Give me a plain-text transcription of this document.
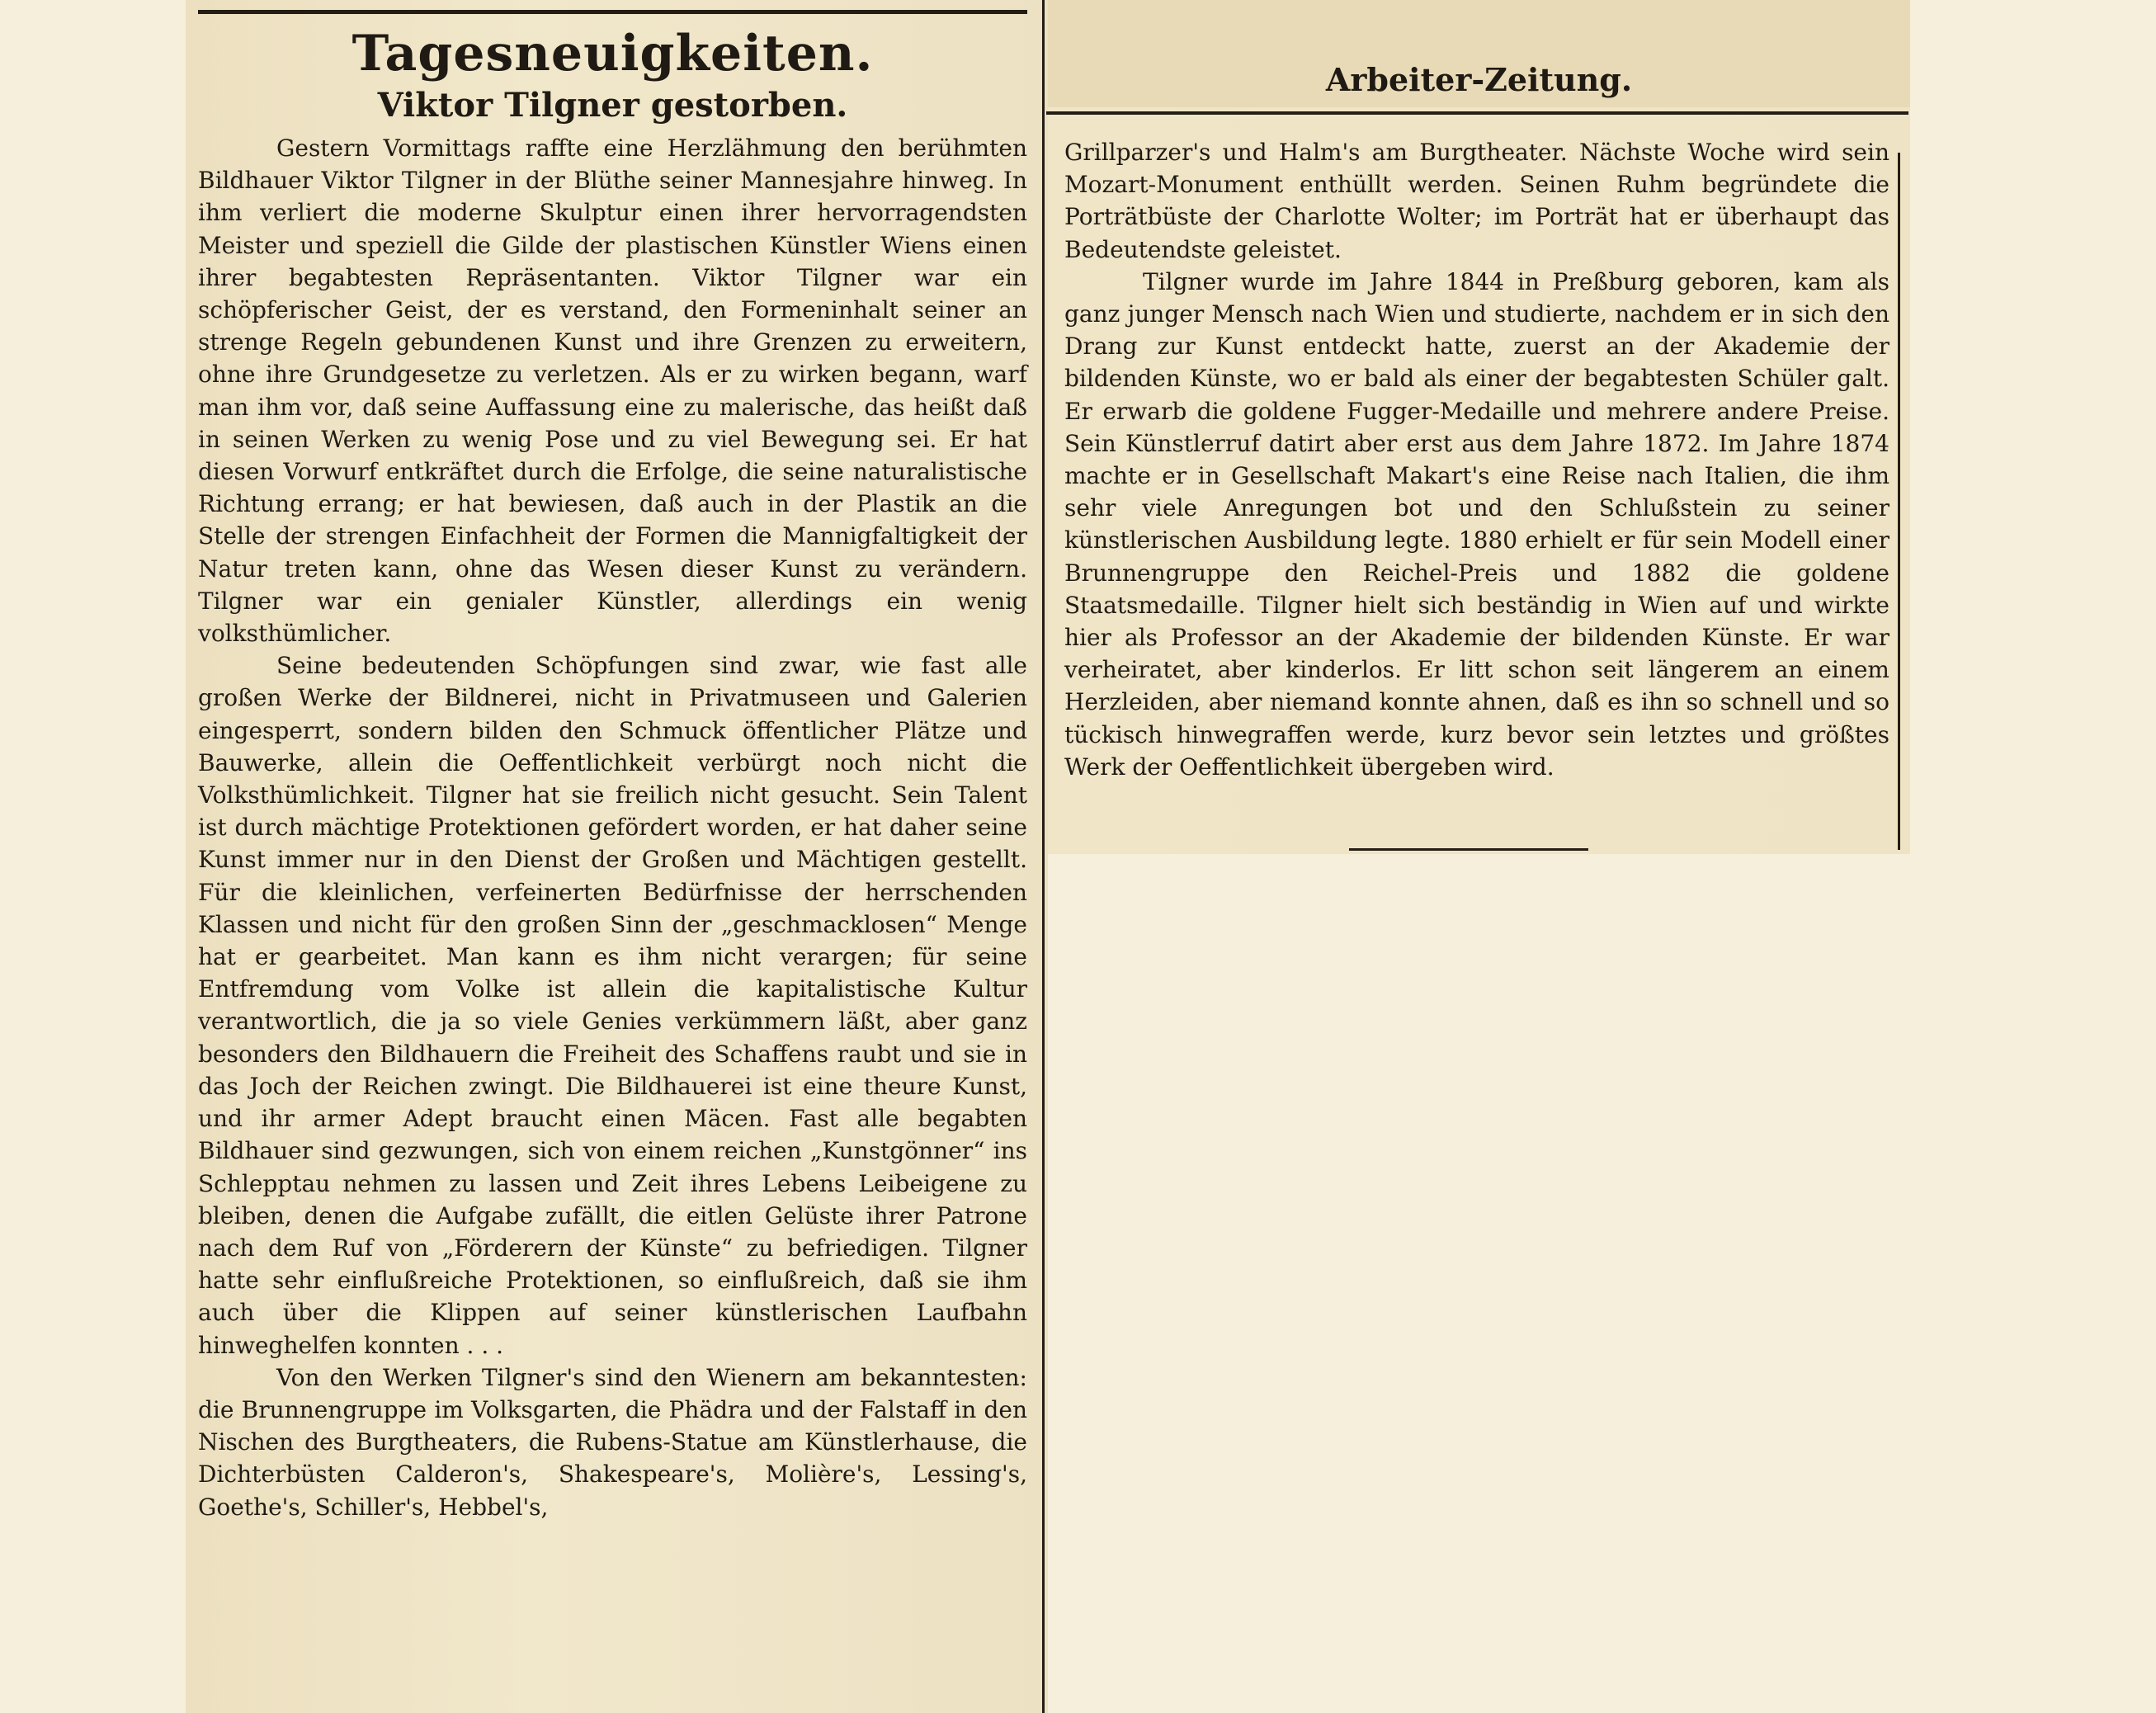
Tagesneuigkeiten.
Viktor Tilgner gestorben.
Arbeiter-Zeitung.

Gestern Vormittags raffte eine Herzlähmung den berühmten Bildhauer Viktor Tilgner in der Blüthe seiner Mannesjahre hinweg. In ihm verliert die moderne Skulptur einen ihrer hervorragendsten Meister und speziell die Gilde der plastischen Künstler Wiens einen ihrer begabtesten Repräsentanten. Viktor Tilgner war ein schöpferischer Geist, der es verstand, den Formeninhalt seiner an strenge Regeln gebundenen Kunst und ihre Grenzen zu erweitern, ohne ihre Grundgesetze zu verletzen. Als er zu wirken begann, warf man ihm vor, daß seine Auffassung eine zu malerische, das heißt daß in seinen Werken zu wenig Pose und zu viel Bewegung sei. Er hat diesen Vorwurf entkräftet durch die Erfolge, die seine naturalistische Richtung errang; er hat bewiesen, daß auch in der Plastik an die Stelle der strengen Einfachheit der Formen die Mannigfaltigkeit der Natur treten kann, ohne das Wesen dieser Kunst zu verändern. Tilgner war ein genialer Künstler, allerdings ein wenig volksthümlicher.

Seine bedeutenden Schöpfungen sind zwar, wie fast alle großen Werke der Bildnerei, nicht in Privatmuseen und Galerien eingesperrt, sondern bilden den Schmuck öffentlicher Plätze und Bauwerke, allein die Oeffentlichkeit verbürgt noch nicht die Volksthümlichkeit. Tilgner hat sie freilich nicht gesucht. Sein Talent ist durch mächtige Protektionen gefördert worden, er hat daher seine Kunst immer nur in den Dienst der Großen und Mächtigen gestellt. Für die kleinlichen, verfeinerten Bedürfnisse der herrschenden Klassen und nicht für den großen Sinn der „geschmacklosen“ Menge hat er gearbeitet. Man kann es ihm nicht verargen; für seine Entfremdung vom Volke ist allein die kapitalistische Kultur verantwortlich, die ja so viele Genies verkümmern läßt, aber ganz besonders den Bildhauern die Freiheit des Schaffens raubt und sie in das Joch der Reichen zwingt. Die Bildhauerei ist eine theure Kunst, und ihr armer Adept braucht einen Mäcen. Fast alle begabten Bildhauer sind gezwungen, sich von einem reichen „Kunstgönner“ ins Schlepptau nehmen zu lassen und Zeit ihres Lebens Leibeigene zu bleiben, denen die Aufgabe zufällt, die eitlen Gelüste ihrer Patrone nach dem Ruf von „Förderern der Künste“ zu befriedigen. Tilgner hatte sehr einflußreiche Protektionen, so einflußreich, daß sie ihm auch über die Klippen auf seiner künstlerischen Laufbahn hinweghelfen konnten . . .

Von den Werken Tilgner's sind den Wienern am bekanntesten: die Brunnengruppe im Volksgarten, die Phädra und der Falstaff in den Nischen des Burgtheaters, die Rubens-Statue am Künstlerhause, die Dichterbüsten Calderon's, Shakespeare's, Molière's, Lessing's, Goethe's, Schiller's, Hebbel's,

Grillparzer's und Halm's am Burgtheater. Nächste Woche wird sein Mozart-Monument enthüllt werden. Seinen Ruhm begründete die Porträtbüste der Charlotte Wolter; im Porträt hat er überhaupt das Bedeutendste geleistet.

Tilgner wurde im Jahre 1844 in Preßburg geboren, kam als ganz junger Mensch nach Wien und studierte, nachdem er in sich den Drang zur Kunst entdeckt hatte, zuerst an der Akademie der bildenden Künste, wo er bald als einer der begabtesten Schüler galt. Er erwarb die goldene Fugger-Medaille und mehrere andere Preise. Sein Künstlerruf datirt aber erst aus dem Jahre 1872. Im Jahre 1874 machte er in Gesellschaft Makart's eine Reise nach Italien, die ihm sehr viele Anregungen bot und den Schlußstein zu seiner künstlerischen Ausbildung legte. 1880 erhielt er für sein Modell einer Brunnengruppe den Reichel-Preis und 1882 die goldene Staatsmedaille. Tilgner hielt sich beständig in Wien auf und wirkte hier als Professor an der Akademie der bildenden Künste. Er war verheiratet, aber kinderlos. Er litt schon seit längerem an einem Herzleiden, aber niemand konnte ahnen, daß es ihn so schnell und so tückisch hinwegraffen werde, kurz bevor sein letztes und größtes Werk der Oeffentlichkeit übergeben wird.
